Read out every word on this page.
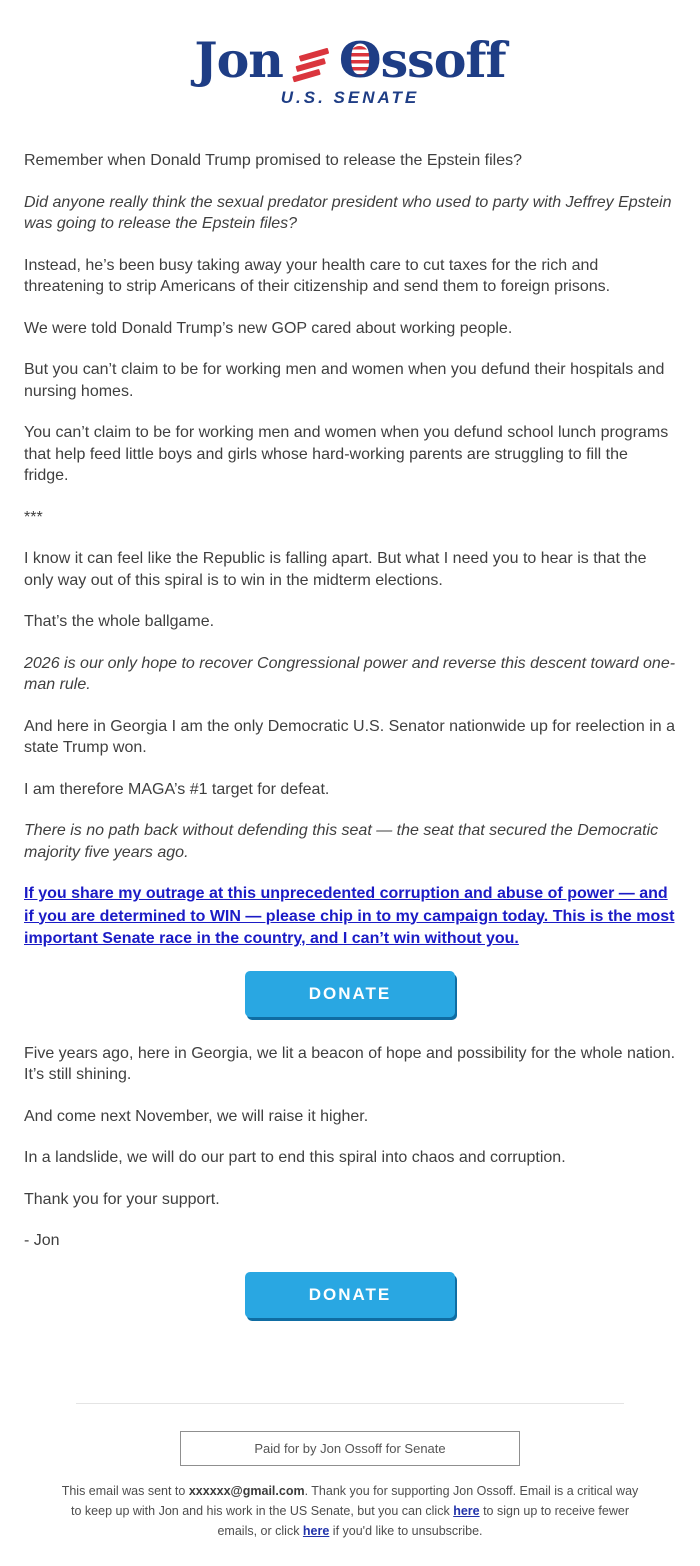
Jon Ossoff
U.S. SENATE

Remember when Donald Trump promised to release the Epstein files?

Did anyone really think the sexual predator president who used to party with Jeffrey Epstein was going to release the Epstein files?

Instead, he’s been busy taking away your health care to cut taxes for the rich and threatening to strip Americans of their citizenship and send them to foreign prisons.

We were told Donald Trump’s new GOP cared about working people.

But you can’t claim to be for working men and women when you defund their hospitals and nursing homes.

You can’t claim to be for working men and women when you defund school lunch programs that help feed little boys and girls whose hard-working parents are struggling to fill the fridge.

***

I know it can feel like the Republic is falling apart. But what I need you to hear is that the only way out of this spiral is to win in the midterm elections.

That’s the whole ballgame.

2026 is our only hope to recover Congressional power and reverse this descent toward one-man rule.

And here in Georgia I am the only Democratic U.S. Senator nationwide up for reelection in a state Trump won.

I am therefore MAGA’s #1 target for defeat.

There is no path back without defending this seat — the seat that secured the Democratic majority five years ago.

If you share my outrage at this unprecedented corruption and abuse of power — and if you are determined to WIN — please chip in to my campaign today. This is the most important Senate race in the country, and I can’t win without you.

DONATE

Five years ago, here in Georgia, we lit a beacon of hope and possibility for the whole nation. It’s still shining.

And come next November, we will raise it higher.

In a landslide, we will do our part to end this spiral into chaos and corruption.

Thank you for your support.

- Jon

DONATE
Paid for by Jon Ossoff for Senate

This email was sent to xxxxxx@gmail.com. Thank you for supporting Jon Ossoff. Email is a critical way to keep up with Jon and his work in the US Senate, but you can click here to sign up to receive fewer emails, or click here if you'd like to unsubscribe.
